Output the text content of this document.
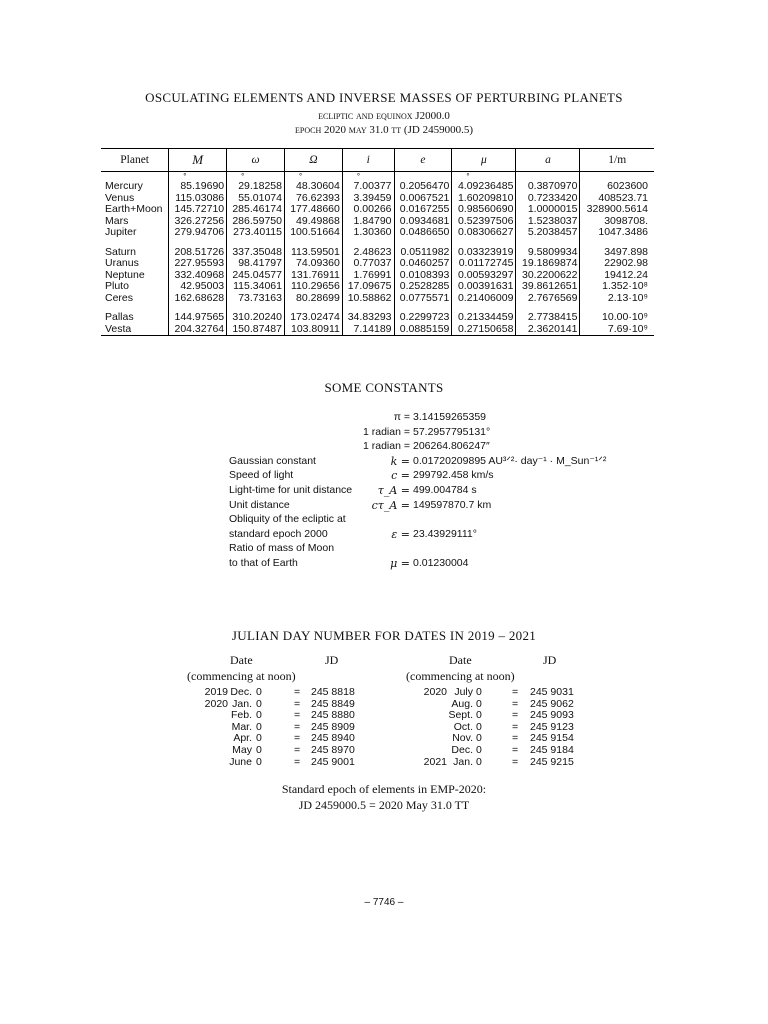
OSCULATING ELEMENTS AND INVERSE MASSES OF PERTURBING PLANETS
ecliptic and equinox J2000.0
epoch 2020 may 31.0 tt (JD 2459000.5)
Planet	M	ω	Ω	i	e	μ	a	1/m
	°	°	°	°		°		
Mercury	85.19690	29.18258	48.30604	7.00377	0.2056470	4.09236485	0.3870970	6023600
Venus	115.03086	55.01074	76.62393	3.39459	0.0067521	1.60209810	0.7233420	408523.71
Earth+Moon	145.72710	285.46174	177.48660	0.00266	0.0167255	0.98560690	1.0000015	328900.5614
Mars	326.27256	286.59750	49.49868	1.84790	0.0934681	0.52397506	1.5238037	3098708.
Jupiter	279.94706	273.40115	100.51664	1.30360	0.0486650	0.08306627	5.2038457	1047.3486

Saturn	208.51726	337.35048	113.59501	2.48623	0.0511982	0.03323919	9.5809934	3497.898
Uranus	227.95593	98.41797	74.09360	0.77037	0.0460257	0.01172745	19.1869874	22902.98
Neptune	332.40968	245.04577	131.76911	1.76991	0.0108393	0.00593297	30.2200622	19412.24
Pluto	42.95003	115.34061	110.29656	17.09675	0.2528285	0.00391631	39.8612651	1.352·10⁸
Ceres	162.68628	73.73163	80.28699	10.58862	0.0775571	0.21406009	2.7676569	2.13·10⁹

Pallas	144.97565	310.20240	173.02474	34.83293	0.2299723	0.21334459	2.7738415	10.00·10⁹
Vesta	204.32764	150.87487	103.80911	7.14189	0.0885159	0.27150658	2.3620141	7.69·10⁹
SOME CONSTANTS
π = 3.14159265359
1 radian = 57.2957795131°
1 radian = 206264.806247″
Gaussian constant	k = 0.01720209895 AU³ᐟ²· day⁻¹ · M_Sun⁻¹ᐟ²
Speed of light	c = 299792.458 km/s
Light-time for unit distance τ_A = 499.004784 s
Unit distance	cτ_A = 149597870.7 km
Obliquity of the ecliptic at
standard epoch 2000	ε = 23.43929111°
Ratio of mass of Moon
to that of Earth	μ = 0.01230004
JULIAN DAY NUMBER FOR DATES IN 2019 – 2021
Date	JD	Date	JD
(commencing at noon)	(commencing at noon)
2019 Dec. 0	= 245 8818
2020 Jan. 0	= 245 8849
Feb. 0	= 245 8880
Mar. 0	= 245 8909
Apr. 0	= 245 8940
May 0	= 245 8970
June 0	= 245 9001
2020 July 0	= 245 9031
Aug. 0	= 245 9062
Sept. 0	= 245 9093
Oct. 0	= 245 9123
Nov. 0	= 245 9154
Dec. 0	= 245 9184
2021 Jan. 0	= 245 9215
Standard epoch of elements in EMP-2020:
JD 2459000.5 = 2020 May 31.0 TT
– 7746 –
